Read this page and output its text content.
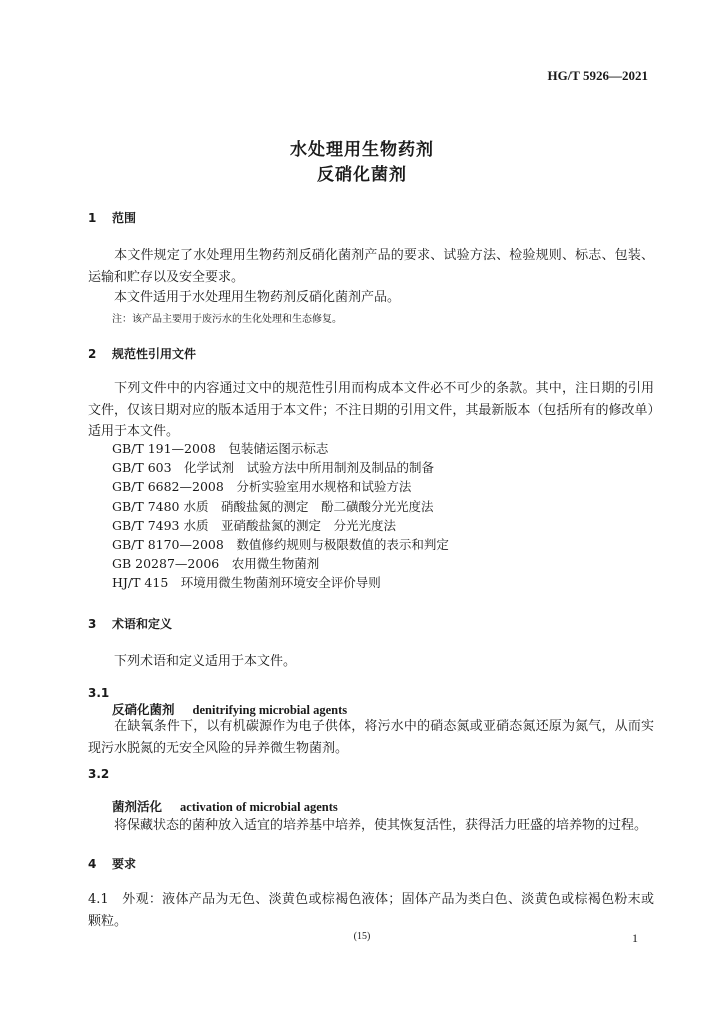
HG/T 5926—2021
水处理用生物药剂
反硝化菌剂
1 范围
本文件规定了水处理用生物药剂反硝化菌剂产品的要求、试验方法、检验规则、标志、包装、运输和贮存以及安全要求。
本文件适用于水处理用生物药剂反硝化菌剂产品。
注：该产品主要用于废污水的生化处理和生态修复。
2 规范性引用文件
下列文件中的内容通过文中的规范性引用而构成本文件必不可少的条款。其中，注日期的引用文件，仅该日期对应的版本适用于本文件；不注日期的引用文件，其最新版本（包括所有的修改单）适用于本文件。
GB/T 191—2008　包装储运图示标志
GB/T 603　化学试剂　试验方法中所用制剂及制品的制备
GB/T 6682—2008　分析实验室用水规格和试验方法
GB/T 7480 水质　硝酸盐氮的测定　酚二磺酸分光光度法
GB/T 7493 水质　亚硝酸盐氮的测定　分光光度法
GB/T 8170—2008　数值修约规则与极限数值的表示和判定
GB 20287—2006　农用微生物菌剂
HJ/T 415　环境用微生物菌剂环境安全评价导则
3 术语和定义
下列术语和定义适用于本文件。
3.1
反硝化菌剂 denitrifying microbial agents
在缺氧条件下，以有机碳源作为电子供体，将污水中的硝态氮或亚硝态氮还原为氮气，从而实现污水脱氮的无安全风险的异养微生物菌剂。
3.2
菌剂活化 activation of microbial agents
将保藏状态的菌种放入适宜的培养基中培养，使其恢复活性，获得活力旺盛的培养物的过程。
4 要求
4.1　外观：液体产品为无色、淡黄色或棕褐色液体；固体产品为类白色、淡黄色或棕褐色粉末或颗粒。
(15)	1
